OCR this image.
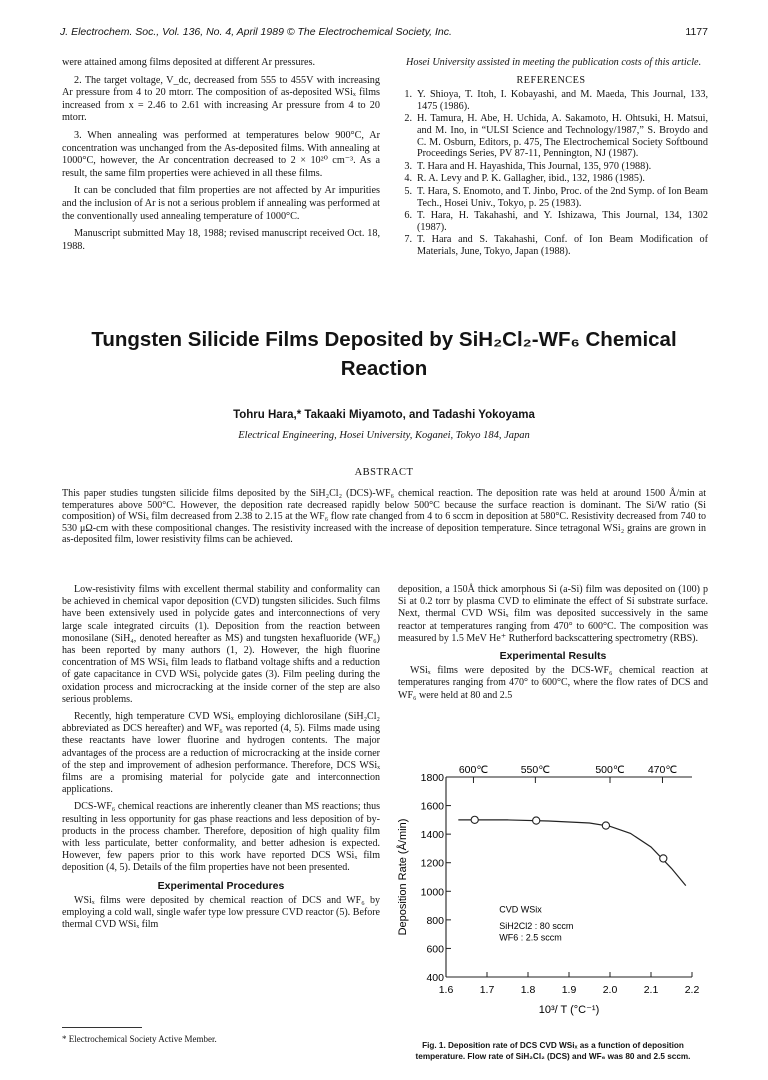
J. Electrochem. Soc., Vol. 136, No. 4, April 1989 © The Electrochemical Society, Inc.	1177

were attained among films deposited at different Ar pressures.

2. The target voltage, V_dc, decreased from 555 to 455V with increasing Ar pressure from 4 to 20 mtorr. The composition of as-deposited WSiₓ films increased from x = 2.46 to 2.61 with increasing Ar pressure from 4 to 20 mtorr.

3. When annealing was performed at temperatures below 900°C, Ar concentration was unchanged from the As-deposited films. With annealing at 1000°C, however, the Ar concentration decreased to 2 × 10²⁰ cm⁻³. As a result, the same film properties were achieved in all these films.

It can be concluded that film properties are not affected by Ar impurities and the inclusion of Ar is not a serious problem if annealing was performed at the conventionally used annealing temperature of 1000°C.

Manuscript submitted May 18, 1988; revised manuscript received Oct. 18, 1988.

Hosei University assisted in meeting the publication costs of this article.

REFERENCES
1. Y. Shioya, T. Itoh, I. Kobayashi, and M. Maeda, This Journal, 133, 1475 (1986).
2. H. Tamura, H. Abe, H. Uchida, A. Sakamoto, H. Ohtsuki, H. Matsui, and M. Ino, in “ULSI Science and Technology/1987,” S. Broydo and C. M. Osburn, Editors, p. 475, The Electrochemical Society Softbound Proceedings Series, PV 87-11, Pennington, NJ (1987).
3. T. Hara and H. Hayashida, This Journal, 135, 970 (1988).
4. R. A. Levy and P. K. Gallagher, ibid., 132, 1986 (1985).
5. T. Hara, S. Enomoto, and T. Jinbo, Proc. of the 2nd Symp. of Ion Beam Tech., Hosei Univ., Tokyo, p. 25 (1983).
6. T. Hara, H. Takahashi, and Y. Ishizawa, This Journal, 134, 1302 (1987).
7. T. Hara and S. Takahashi, Conf. of Ion Beam Modification of Materials, June, Tokyo, Japan (1988).
Tungsten Silicide Films Deposited by SiH₂Cl₂-WF₆ Chemical Reaction
Tohru Hara,* Takaaki Miyamoto, and Tadashi Yokoyama
Electrical Engineering, Hosei University, Koganei, Tokyo 184, Japan
ABSTRACT
This paper studies tungsten silicide films deposited by the SiH₂Cl₂ (DCS)-WF₆ chemical reaction. The deposition rate was held at around 1500 Å/min at temperatures above 500°C. However, the deposition rate decreased rapidly below 500°C because the surface reaction is dominant. The Si/W ratio (Si composition) of WSiₓ film decreased from 2.38 to 2.15 at the WF₆ flow rate changed from 4 to 6 sccm in deposition at 580°C. Resistivity decreased from 740 to 530 μΩ-cm with these compositional changes. The resistivity increased with the increase of deposition temperature. Since tetragonal WSi₂ grains are grown in as-deposited film, lower resistivity films can be achieved.

Low-resistivity films with excellent thermal stability and conformality can be achieved in chemical vapor deposition (CVD) tungsten silicides. Such films have been extensively used in polycide gates and interconnections of very large scale integrated circuits (1). Deposition from the reaction between monosilane (SiH₄, denoted hereafter as MS) and tungsten hexafluoride (WF₆) has been reported by many authors (1, 2). However, the high fluorine concentration of MS WSiₓ film leads to flatband voltage shifts and a reduction of gate capacitance in CVD WSiₓ polycide gates (3). Film peeling during the oxidation process and microcracking at the inside corner of the step are also serious problems.

Recently, high temperature CVD WSiₓ employing dichlorosilane (SiH₂Cl₂ abbreviated as DCS hereafter) and WF₆ was reported (4, 5). Films made using these reactants have lower fluorine and hydrogen contents. The major advantages of the process are a reduction of microcracking at the inside corner of the step and improvement of adhesion performance. Therefore, DCS WSiₓ films are a promising material for polycide gate and interconnection applications.

DCS-WF₆ chemical reactions are inherently cleaner than MS reactions; thus resulting in less opportunity for gas phase reactions and less deposition of by-products in the process chamber. Therefore, deposition of high quality film with less particulate, better conformality, and better adhesion is expected. However, few papers prior to this work have reported DCS WSiₓ film deposition (4, 5). Details of the film properties have not been presented.

Experimental Procedures

WSiₓ films were deposited by chemical reaction of DCS and WF₆ by employing a cold wall, single wafer type low pressure CVD reactor (5). Before thermal CVD WSiₓ film

deposition, a 150Å thick amorphous Si (a-Si) film was deposited on (100) p Si at 0.2 torr by plasma CVD to eliminate the effect of Si substrate surface. Next, thermal CVD WSiₓ film was deposited successively in the same reactor at temperatures ranging from 470° to 600°C. The composition was measured by 1.5 MeV He⁺ Rutherford backscattering spectrometry (RBS).

Experimental Results

WSiₓ films were deposited by the DCS-WF₆ chemical reaction at temperatures ranging from 470° to 600°C, where the flow rates of DCS and WF₆ were held at 80 and 2.5

1.6	1.7	1.8	1.9	2.0	2.1	2.2
400
600
800
1000
1200
1400
1600
1800
600℃	550℃	500℃ 470℃
10³/ T (°C⁻¹)
Deposition Rate (Å/min)	CVD WSix
SiH2Cl2 : 80 sccm
WF6 : 2.5 sccm
* Electrochemical Society Active Member.
Fig. 1. Deposition rate of DCS CVD WSiₓ as a function of deposition temperature. Flow rate of SiH₂Cl₂ (DCS) and WF₆ was 80 and 2.5 sccm.
